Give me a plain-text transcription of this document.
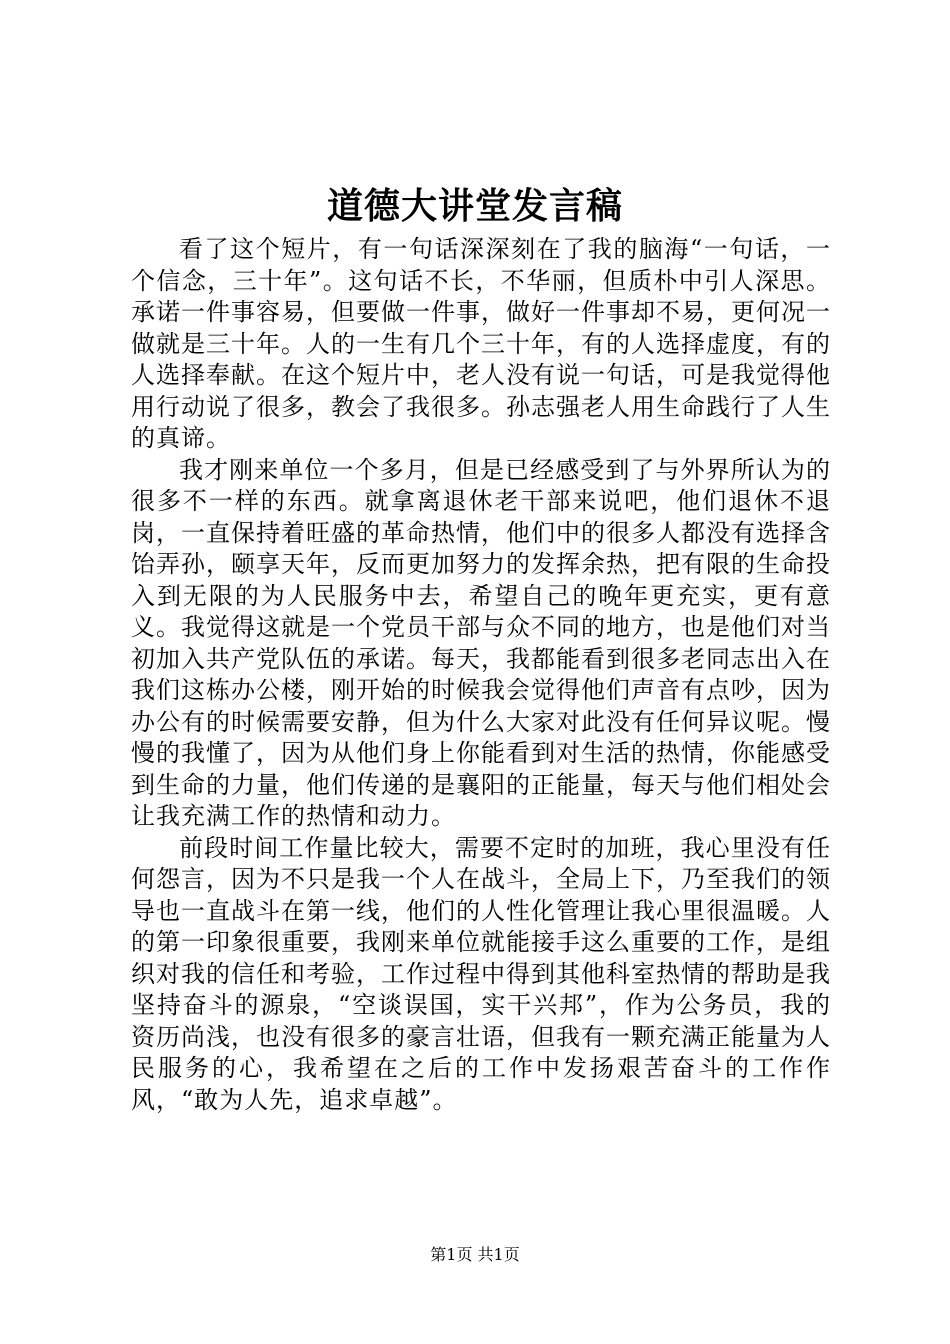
道德大讲堂发言稿

看了这个短片，有一句话深深刻在了我的脑海“一句话，一个信念，三十年”。这句话不长，不华丽，但质朴中引人深思。承诺一件事容易，但要做一件事，做好一件事却不易，更何况一做就是三十年。人的一生有几个三十年，有的人选择虚度，有的人选择奉献。在这个短片中，老人没有说一句话，可是我觉得他用行动说了很多，教会了我很多。孙志强老人用生命践行了人生的真谛。

我才刚来单位一个多月，但是已经感受到了与外界所认为的很多不一样的东西。就拿离退休老干部来说吧，他们退休不退岗，一直保持着旺盛的革命热情，他们中的很多人都没有选择含饴弄孙，颐享天年，反而更加努力的发挥余热，把有限的生命投入到无限的为人民服务中去，希望自己的晚年更充实，更有意义。我觉得这就是一个党员干部与众不同的地方，也是他们对当初加入共产党队伍的承诺。每天，我都能看到很多老同志出入在我们这栋办公楼，刚开始的时候我会觉得他们声音有点吵，因为办公有的时候需要安静，但为什么大家对此没有任何异议呢。慢慢的我懂了，因为从他们身上你能看到对生活的热情，你能感受到生命的力量，他们传递的是襄阳的正能量，每天与他们相处会让我充满工作的热情和动力。

前段时间工作量比较大，需要不定时的加班，我心里没有任何怨言，因为不只是我一个人在战斗，全局上下，乃至我们的领导也一直战斗在第一线，他们的人性化管理让我心里很温暖。人的第一印象很重要，我刚来单位就能接手这么重要的工作，是组织对我的信任和考验，工作过程中得到其他科室热情的帮助是我坚持奋斗的源泉，“空谈误国，实干兴邦”，作为公务员，我的资历尚浅，也没有很多的豪言壮语，但我有一颗充满正能量为人民服务的心，我希望在之后的工作中发扬艰苦奋斗的工作作风，“敢为人先，追求卓越”。

第1页 共1页
